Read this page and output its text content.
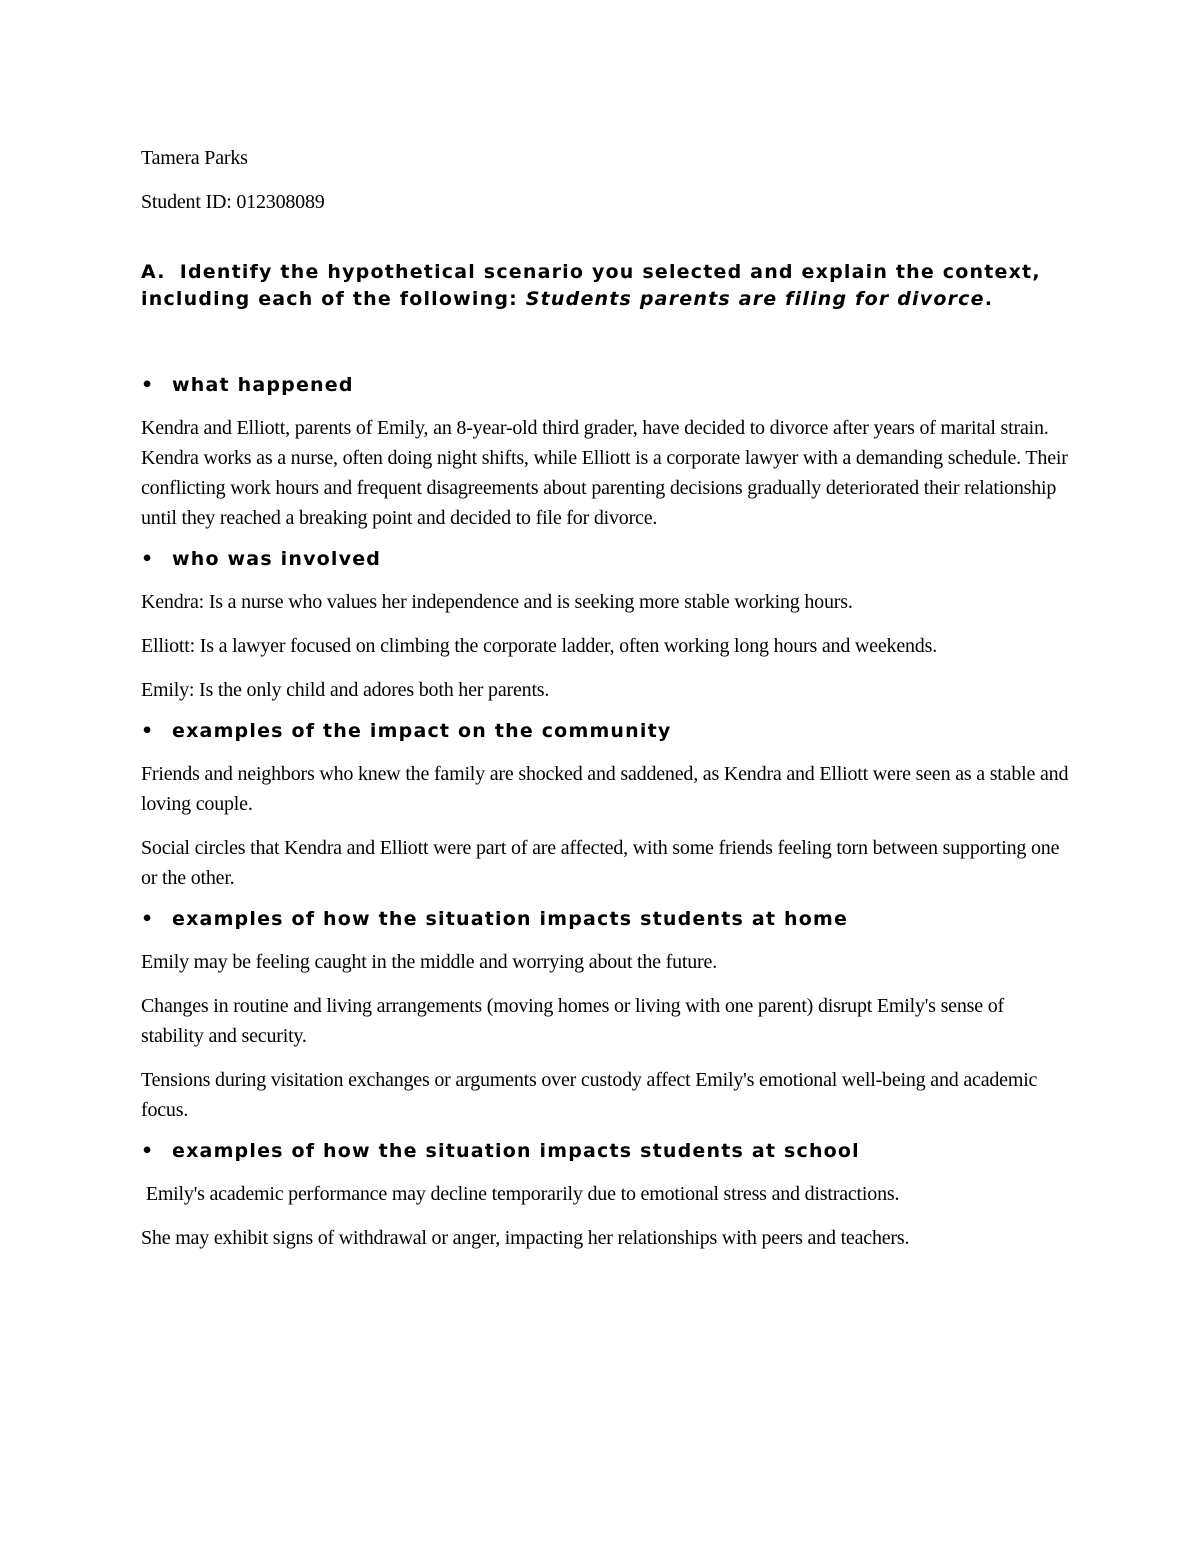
Tamera Parks

Student ID: 012308089

A. Identify the hypothetical scenario you selected and explain the context, including each of the following: Students parents are filing for divorce.

• what happened

Kendra and Elliott, parents of Emily, an 8-year-old third grader, have decided to divorce after years of marital strain. Kendra works as a nurse, often doing night shifts, while Elliott is a corporate lawyer with a demanding schedule. Their conflicting work hours and frequent disagreements about parenting decisions gradually deteriorated their relationship until they reached a breaking point and decided to file for divorce.

• who was involved

Kendra: Is a nurse who values her independence and is seeking more stable working hours.

Elliott: Is a lawyer focused on climbing the corporate ladder, often working long hours and weekends.

Emily: Is the only child and adores both her parents.

• examples of the impact on the community

Friends and neighbors who knew the family are shocked and saddened, as Kendra and Elliott were seen as a stable and loving couple.

Social circles that Kendra and Elliott were part of are affected, with some friends feeling torn between supporting one or the other.

• examples of how the situation impacts students at home

Emily may be feeling caught in the middle and worrying about the future.

Changes in routine and living arrangements (moving homes or living with one parent) disrupt Emily's sense of stability and security.

Tensions during visitation exchanges or arguments over custody affect Emily's emotional well-being and academic focus.

• examples of how the situation impacts students at school

Emily's academic performance may decline temporarily due to emotional stress and distractions.

She may exhibit signs of withdrawal or anger, impacting her relationships with peers and teachers.
